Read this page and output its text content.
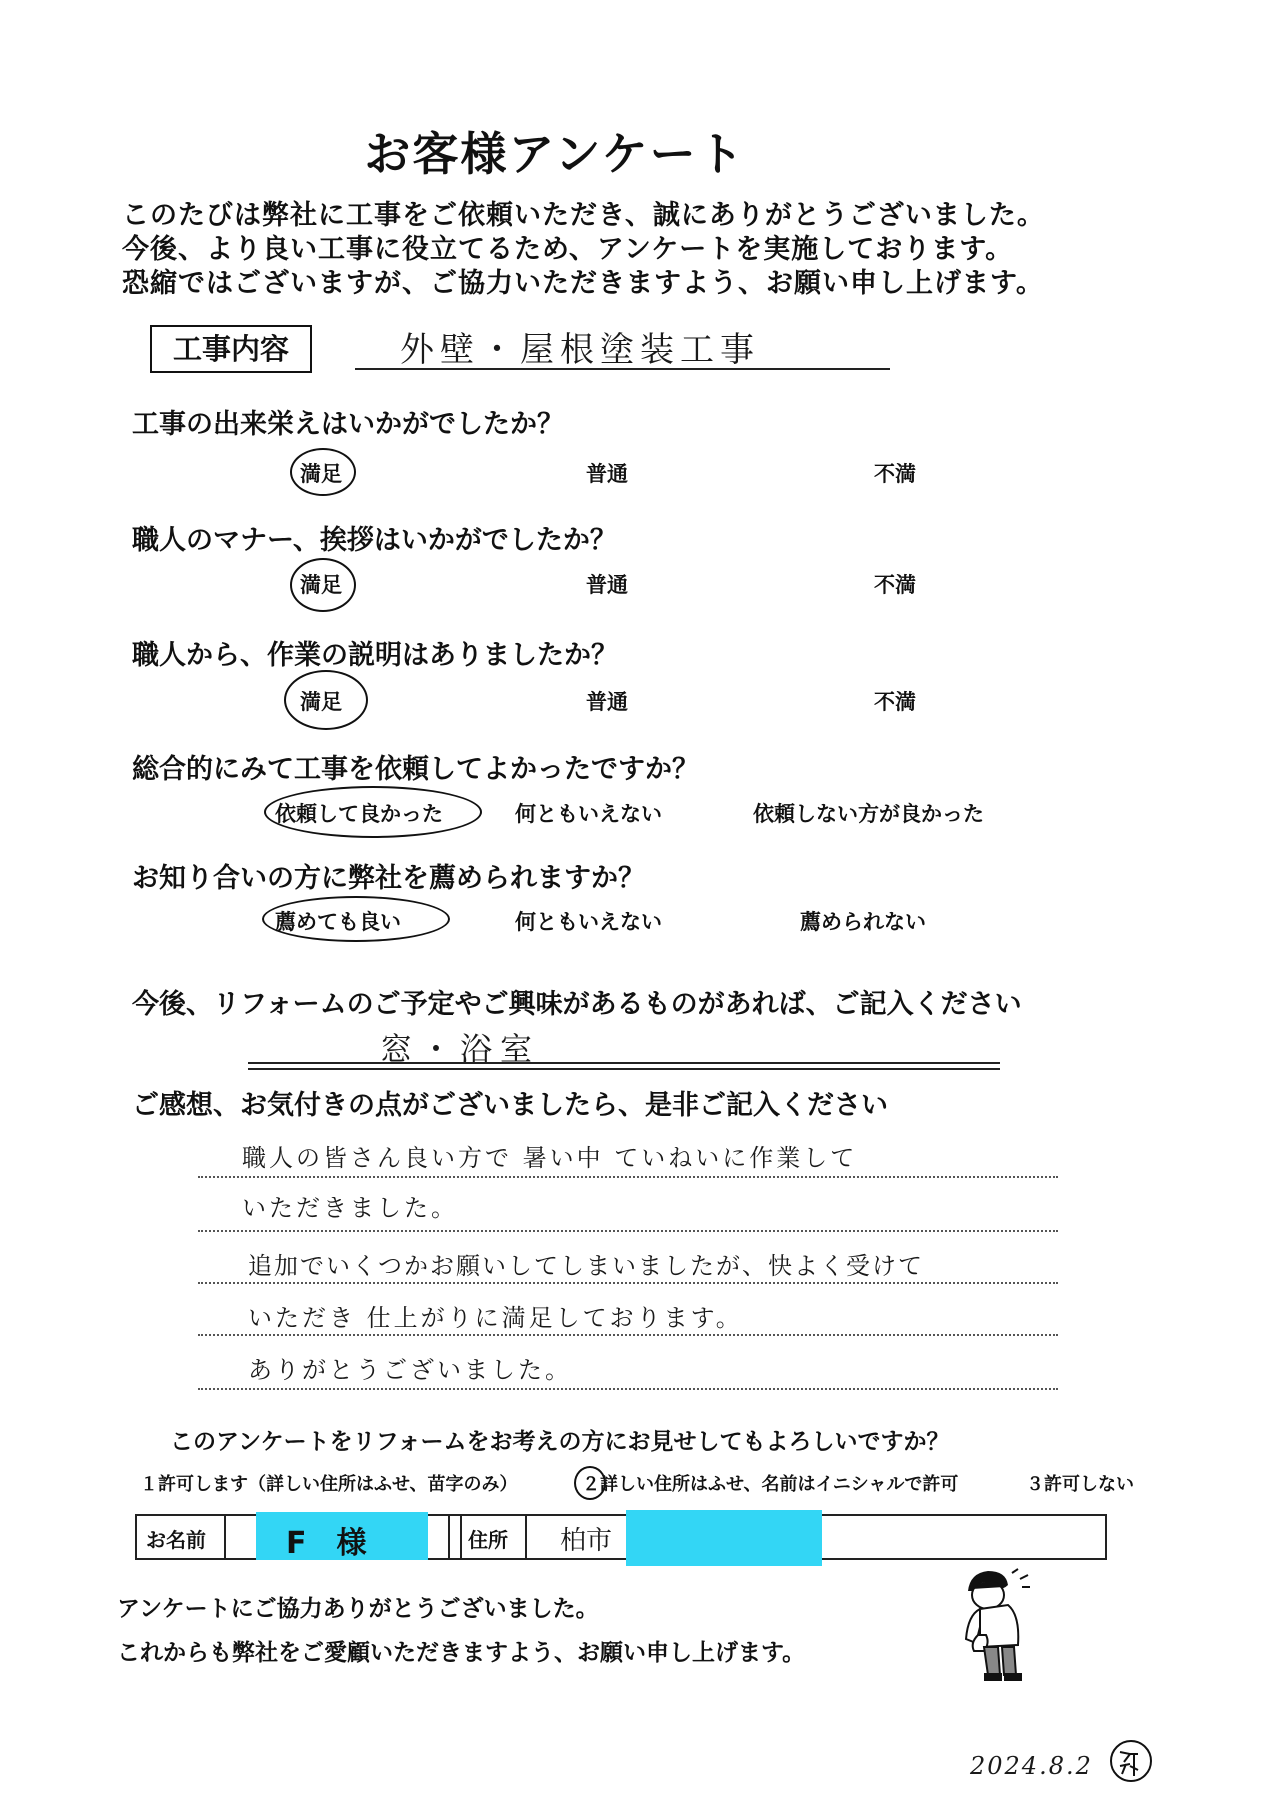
お客様アンケート
このたびは弊社に工事をご依頼いただき、誠にありがとうございました。
今後、より良い工事に役立てるため、アンケートを実施しております。
恐縮ではございますが、ご協力いただきますよう、お願い申し上げます。
工事内容	外壁・屋根塗装工事
工事の出来栄えはいかがでしたか？
満足	普通	不満
職人のマナー、挨拶はいかがでしたか？
満足	普通	不満
職人から、作業の説明はありましたか？
満足	普通	不満
総合的にみて工事を依頼してよかったですか？
依頼して良かった	何ともいえない	依頼しない方が良かった
お知り合いの方に弊社を薦められますか？
薦めても良い	何ともいえない	薦められない
今後、リフォームのご予定やご興味があるものがあれば、ご記入ください
窓・浴室
ご感想、お気付きの点がございましたら、是非ご記入ください
職人の皆さん良い方で 暑い中 ていねいに作業して
いただきました。
追加でいくつかお願いしてしまいましたが、快よく受けて
いただき 仕上がりに満足しております。
ありがとうございました。
このアンケートをリフォームをお考えの方にお見せしてもよろしいですか？
１許可します（詳しい住所はふせ、苗字のみ）	２詳しい住所はふせ、名前はイニシャルで許可	３許可しない
お名前	F　様	住所 柏市
アンケートにご協力ありがとうございました。
これからも弊社をご愛顧いただきますよう、お願い申し上げます。
2024.8.2
